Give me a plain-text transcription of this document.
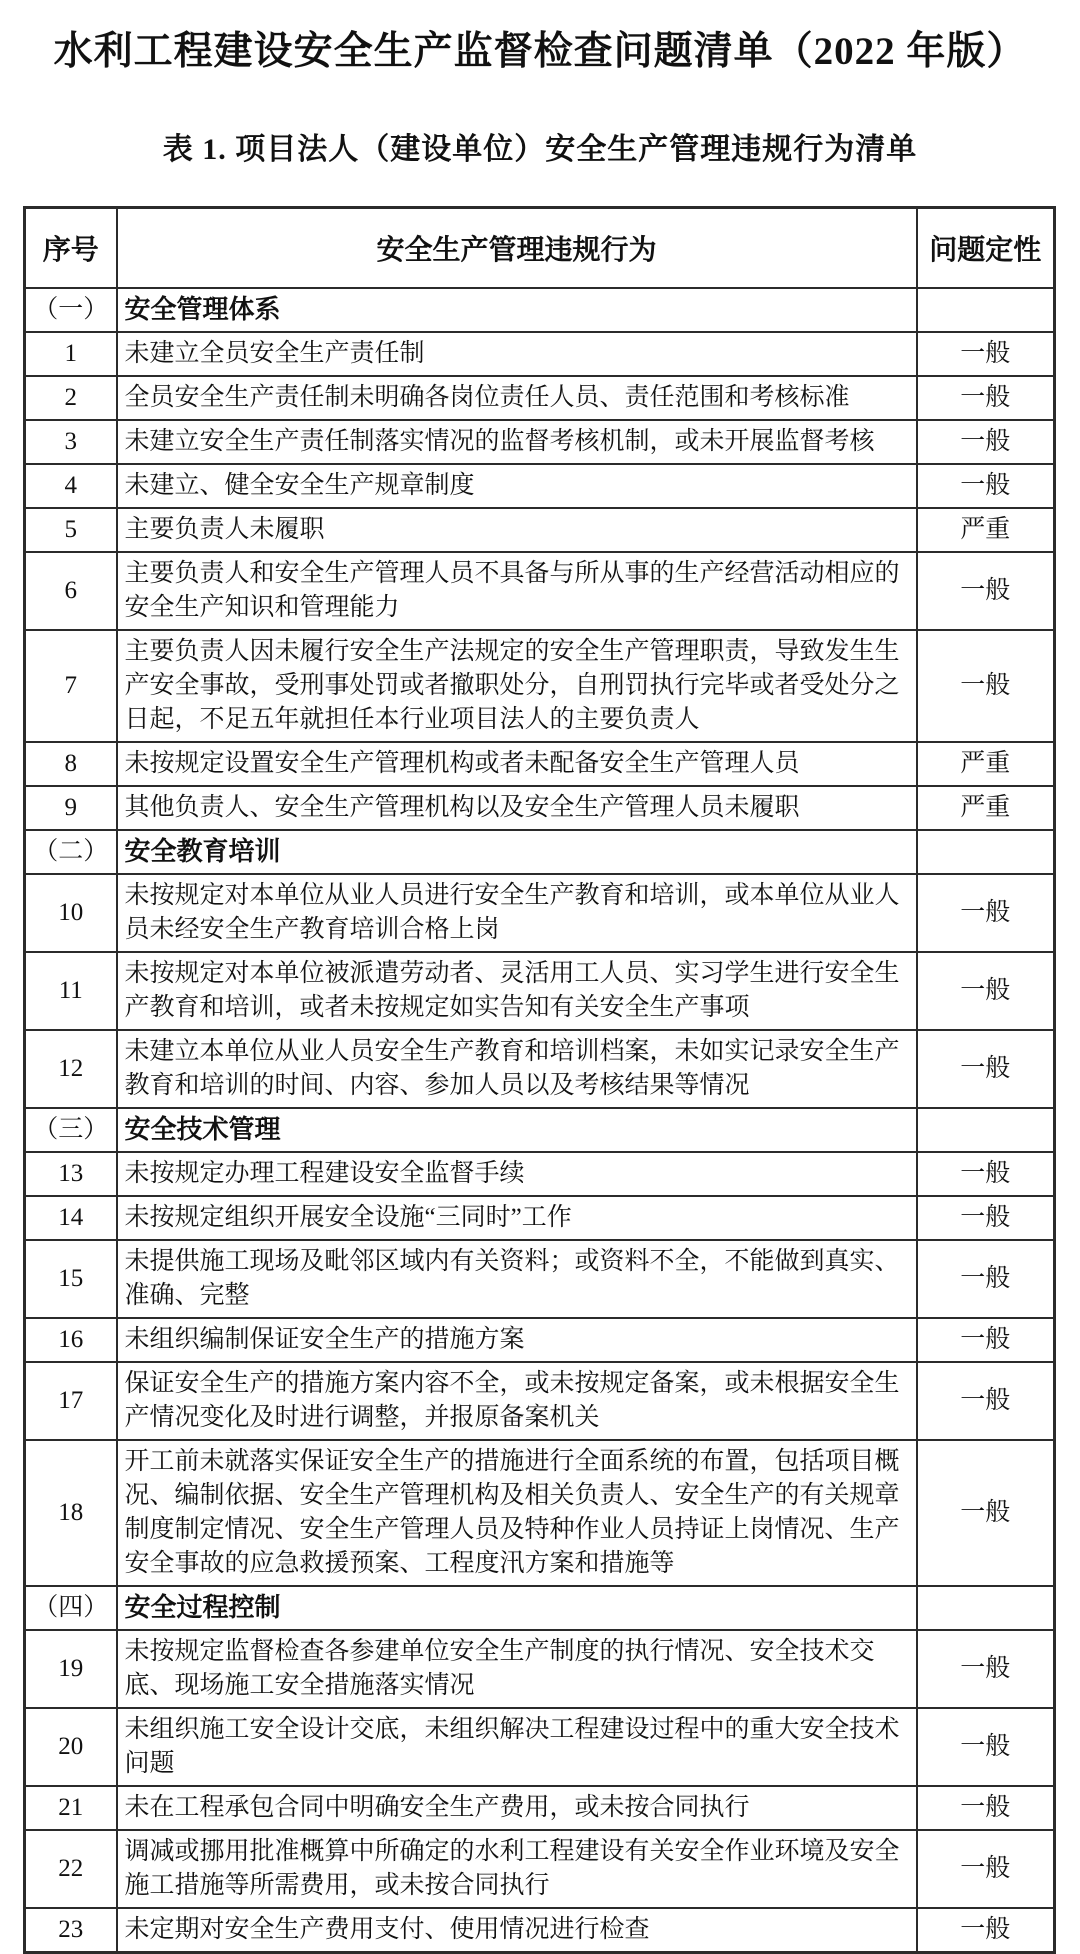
水利工程建设安全生产监督检查问题清单（2022 年版）
表 1. 项目法人（建设单位）安全生产管理违规行为清单
序号	安全生产管理违规行为	问题定性
（一）	安全管理体系	
1	未建立全员安全生产责任制	一般
2	全员安全生产责任制未明确各岗位责任人员、责任范围和考核标准	一般
3	未建立安全生产责任制落实情况的监督考核机制，或未开展监督考核	一般
4	未建立、健全安全生产规章制度	一般
5	主要负责人未履职	严重
6	主要负责人和安全生产管理人员不具备与所从事的生产经营活动相应的安全生产知识和管理能力	一般
7	主要负责人因未履行安全生产法规定的安全生产管理职责，导致发生生产安全事故，受刑事处罚或者撤职处分，自刑罚执行完毕或者受处分之日起，不足五年就担任本行业项目法人的主要负责人	一般
8	未按规定设置安全生产管理机构或者未配备安全生产管理人员	严重
9	其他负责人、安全生产管理机构以及安全生产管理人员未履职	严重
（二）	安全教育培训	
10	未按规定对本单位从业人员进行安全生产教育和培训，或本单位从业人员未经安全生产教育培训合格上岗	一般
11	未按规定对本单位被派遣劳动者、灵活用工人员、实习学生进行安全生产教育和培训，或者未按规定如实告知有关安全生产事项	一般
12	未建立本单位从业人员安全生产教育和培训档案，未如实记录安全生产教育和培训的时间、内容、参加人员以及考核结果等情况	一般
（三）	安全技术管理	
13	未按规定办理工程建设安全监督手续	一般
14	未按规定组织开展安全设施“三同时”工作	一般
15	未提供施工现场及毗邻区域内有关资料；或资料不全，不能做到真实、准确、完整	一般
16	未组织编制保证安全生产的措施方案	一般
17	保证安全生产的措施方案内容不全，或未按规定备案，或未根据安全生产情况变化及时进行调整，并报原备案机关	一般
18	开工前未就落实保证安全生产的措施进行全面系统的布置，包括项目概况、编制依据、安全生产管理机构及相关负责人、安全生产的有关规章制度制定情况、安全生产管理人员及特种作业人员持证上岗情况、生产安全事故的应急救援预案、工程度汛方案和措施等	一般
（四）	安全过程控制	
19	未按规定监督检查各参建单位安全生产制度的执行情况、安全技术交底、现场施工安全措施落实情况	一般
20	未组织施工安全设计交底，未组织解决工程建设过程中的重大安全技术问题	一般
21	未在工程承包合同中明确安全生产费用，或未按合同执行	一般
22	调减或挪用批准概算中所确定的水利工程建设有关安全作业环境及安全施工措施等所需费用，或未按合同执行	一般
23	未定期对安全生产费用支付、使用情况进行检查	一般
